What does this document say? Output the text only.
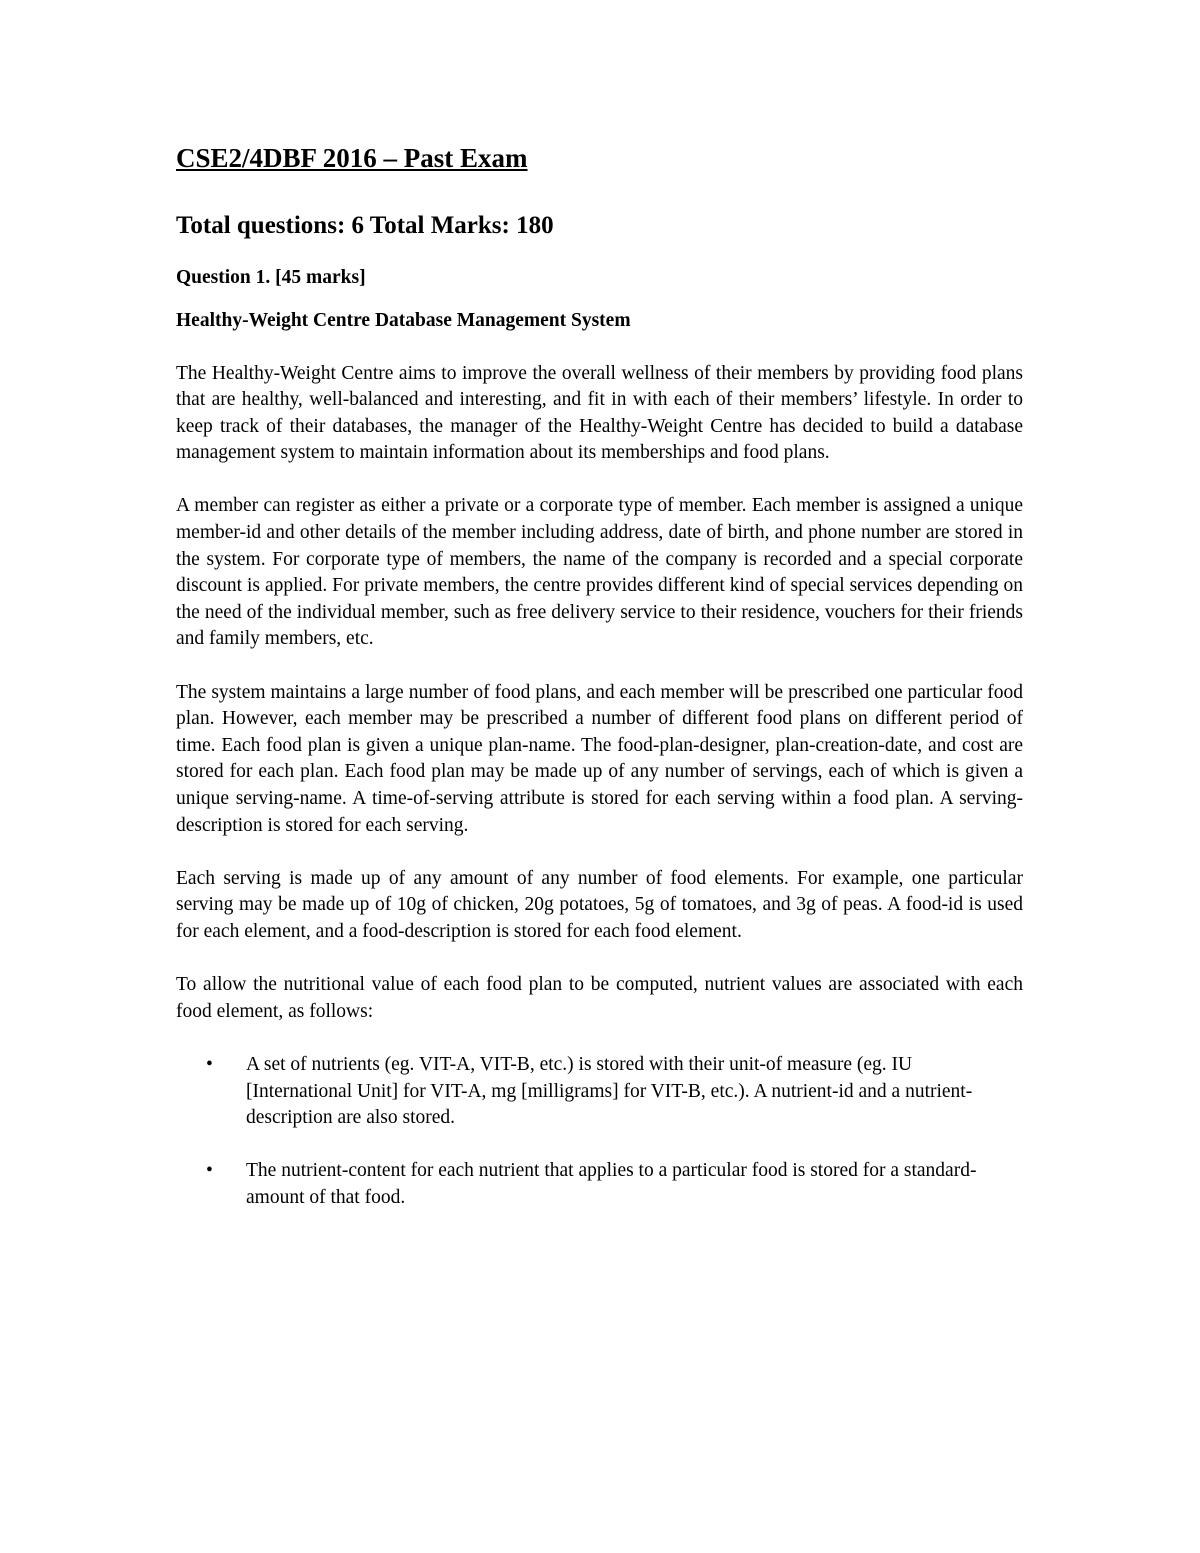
CSE2/4DBF 2016 – Past Exam
Total questions: 6 Total Marks: 180
Question 1. [45 marks]
Healthy-Weight Centre Database Management System

The Healthy-Weight Centre aims to improve the overall wellness of their members by providing food plans that are healthy, well-balanced and interesting, and fit in with each of their members’ lifestyle. In order to keep track of their databases, the manager of the Healthy-Weight Centre has decided to build a database management system to maintain information about its memberships and food plans.

A member can register as either a private or a corporate type of member. Each member is assigned a unique member-id and other details of the member including address, date of birth, and phone number are stored in the system. For corporate type of members, the name of the company is recorded and a special corporate discount is applied. For private members, the centre provides different kind of special services depending on the need of the individual member, such as free delivery service to their residence, vouchers for their friends and family members, etc.

The system maintains a large number of food plans, and each member will be prescribed one particular food plan. However, each member may be prescribed a number of different food plans on different period of time. Each food plan is given a unique plan-name. The food-plan-designer, plan-creation-date, and cost are stored for each plan. Each food plan may be made up of any number of servings, each of which is given a unique serving-name. A time-of-serving attribute is stored for each serving within a food plan. A serving-description is stored for each serving.

Each serving is made up of any amount of any number of food elements. For example, one particular serving may be made up of 10g of chicken, 20g potatoes, 5g of tomatoes, and 3g of peas. A food-id is used for each element, and a food-description is stored for each food element.

To allow the nutritional value of each food plan to be computed, nutrient values are associated with each food element, as follows:

• A set of nutrients (eg. VIT-A, VIT-B, etc.) is stored with their unit-of measure (eg. IU [International Unit] for VIT-A, mg [milligrams] for VIT-B, etc.). A nutrient-id and a nutrient-description are also stored.
• The nutrient-content for each nutrient that applies to a particular food is stored for a standard-amount of that food.
